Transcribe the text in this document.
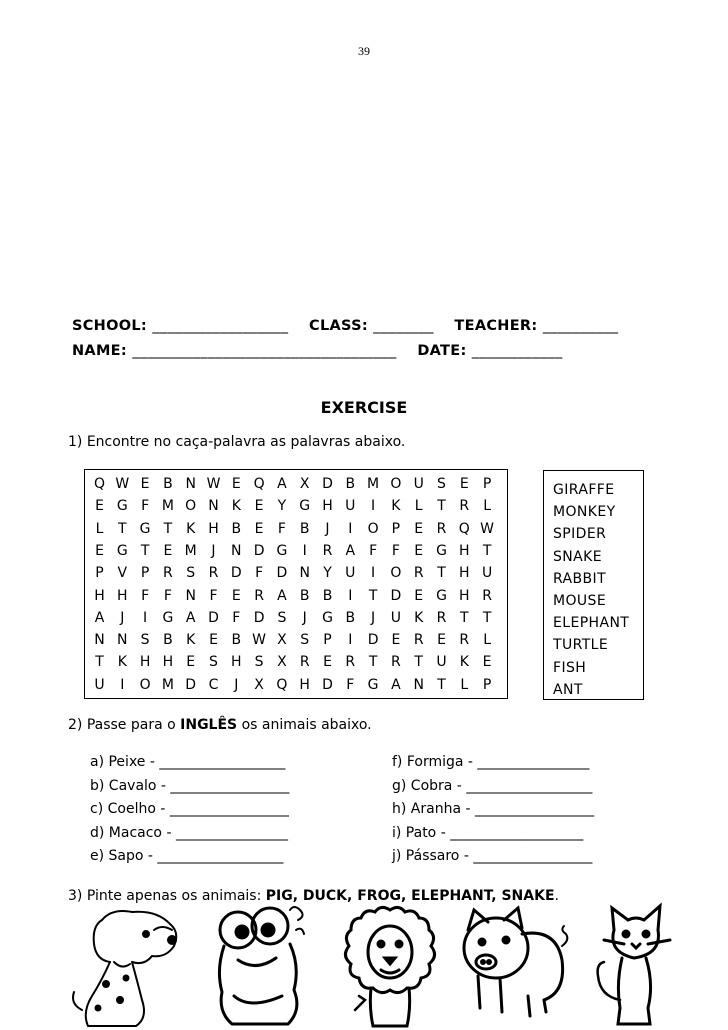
39
SCHOOL: __________________ CLASS: ________ TEACHER: __________
NAME: ___________________________________ DATE: ____________
EXERCISE
1) Encontre no caça-palavra as palavras abaixo.
Q W E B N W E Q A X D B M O U S E	P
E G F M O N K E	Y G H U	I	K	L	T R	L
L	T G T K H B E	F B	J	I	O P	E R Q W
E G T	E M	J	N D G	I	R A F	F	E G H T
P V P R S R D F D N Y U	I	O R T H U
H H F	F N F	E R A B B	I	T D E G H R
A	J	I	G A D F D S	J	G B	J	U K R T	T
N N S B K E B W X S	P	I	D E R E R	L
T K H H E S H S X R E R T R T U K E
U	I	O M D C	J	X Q H D F G A N T	L	P
GIRAFFE
MONKEY
SPIDER
SNAKE
RABBIT
MOUSE
ELEPHANT
TURTLE
FISH
ANT
2) Passe para o INGLÊS os animais abaixo.
a) Peixe - __________________
b) Cavalo - _________________
c) Coelho - _________________
d) Macaco - ________________
e) Sapo - __________________
f) Formiga - ________________
g) Cobra - __________________
h) Aranha - _________________
i) Pato - ___________________
j) Pássaro - _________________
3) Pinte apenas os animais: PIG, DUCK, FROG, ELEPHANT, SNAKE.
